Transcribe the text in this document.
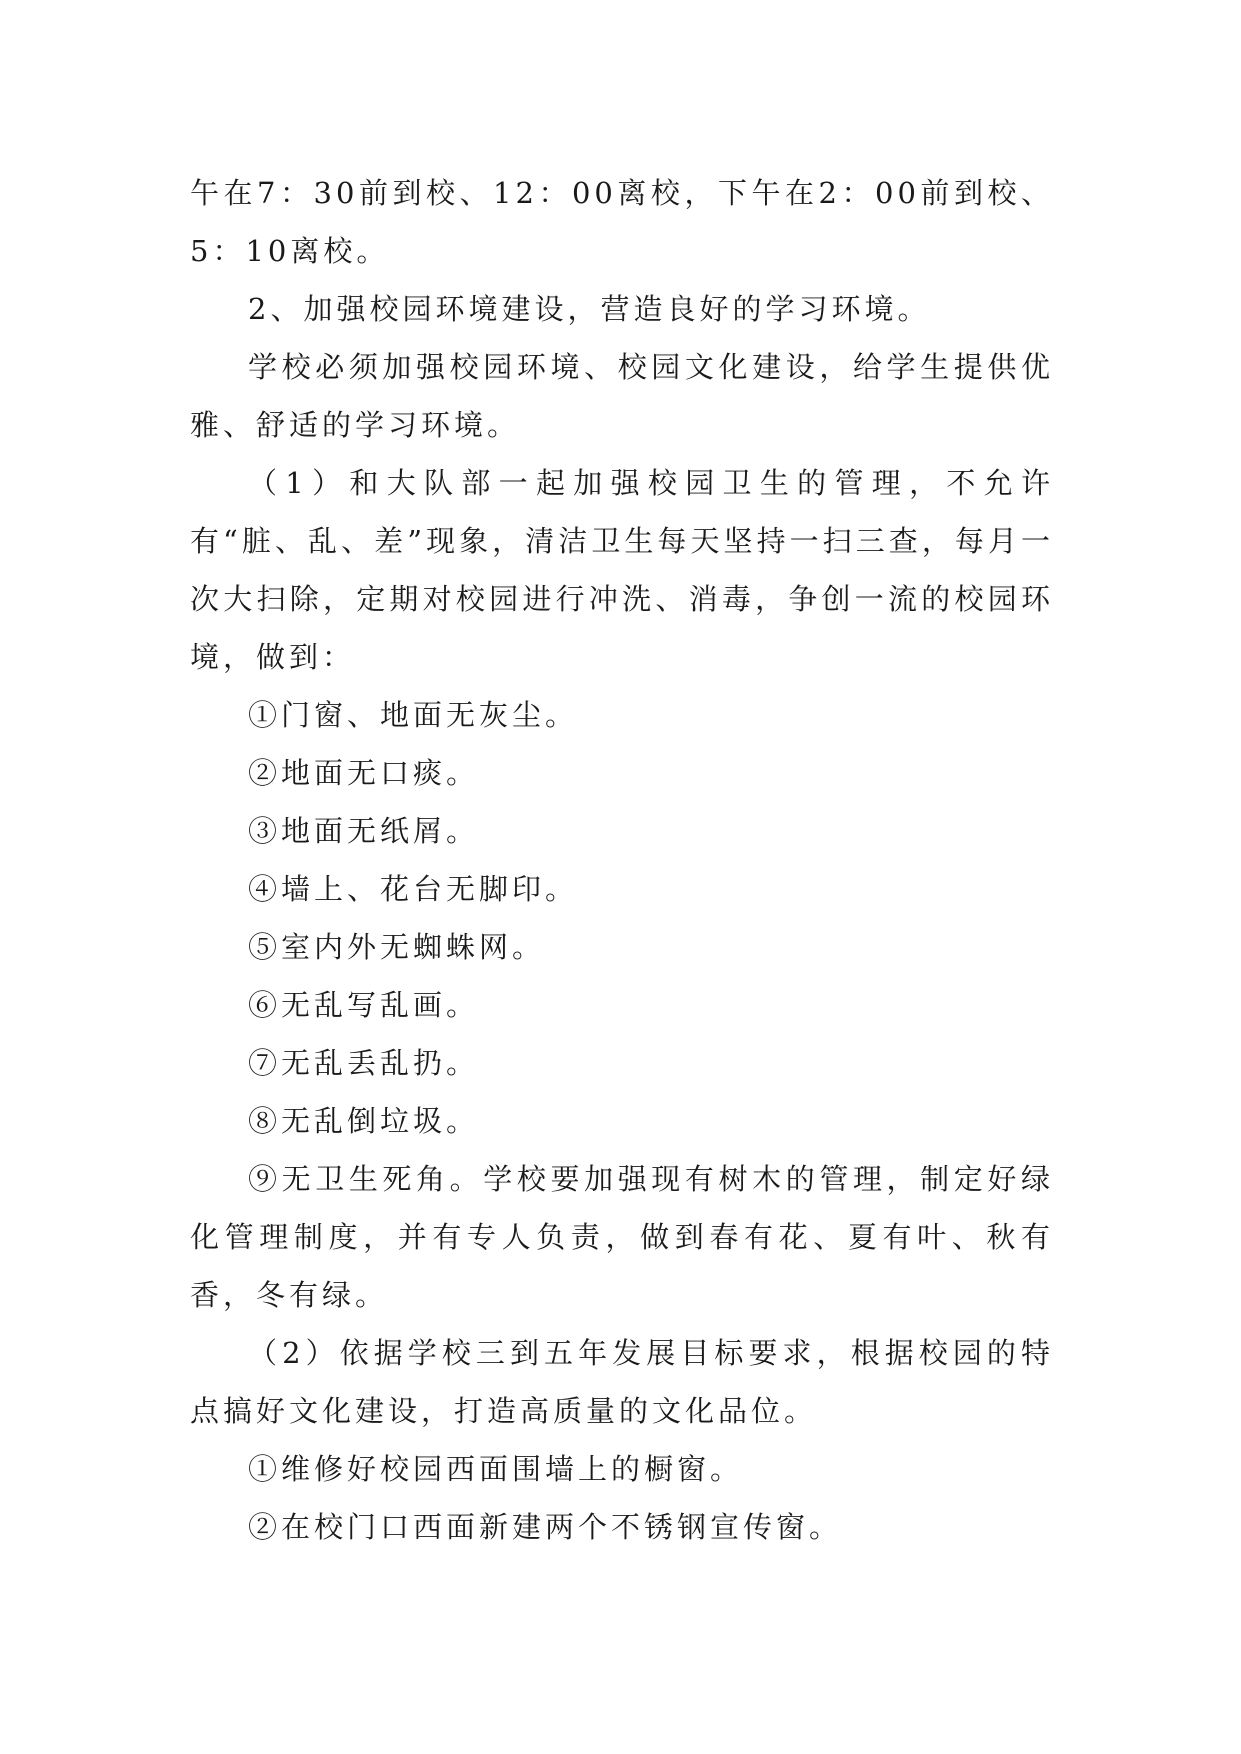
午在7：30前到校、12：00离校，下午在2：00前到校、5：10离校。

2、加强校园环境建设，营造良好的学习环境。

学校必须加强校园环境、校园文化建设，给学生提供优雅、舒适的学习环境。

（1）和大队部一起加强校园卫生的管理，不允许有“脏、乱、差”现象，清洁卫生每天坚持一扫三查，每月一次大扫除，定期对校园进行冲洗、消毒，争创一流的校园环境，做到：

①门窗、地面无灰尘。

②地面无口痰。

③地面无纸屑。

④墙上、花台无脚印。

⑤室内外无蜘蛛网。

⑥无乱写乱画。

⑦无乱丢乱扔。

⑧无乱倒垃圾。

⑨无卫生死角。学校要加强现有树木的管理，制定好绿化管理制度，并有专人负责，做到春有花、夏有叶、秋有香，冬有绿。

（2）依据学校三到五年发展目标要求，根据校园的特点搞好文化建设，打造高质量的文化品位。

①维修好校园西面围墙上的橱窗。

②在校门口西面新建两个不锈钢宣传窗。
